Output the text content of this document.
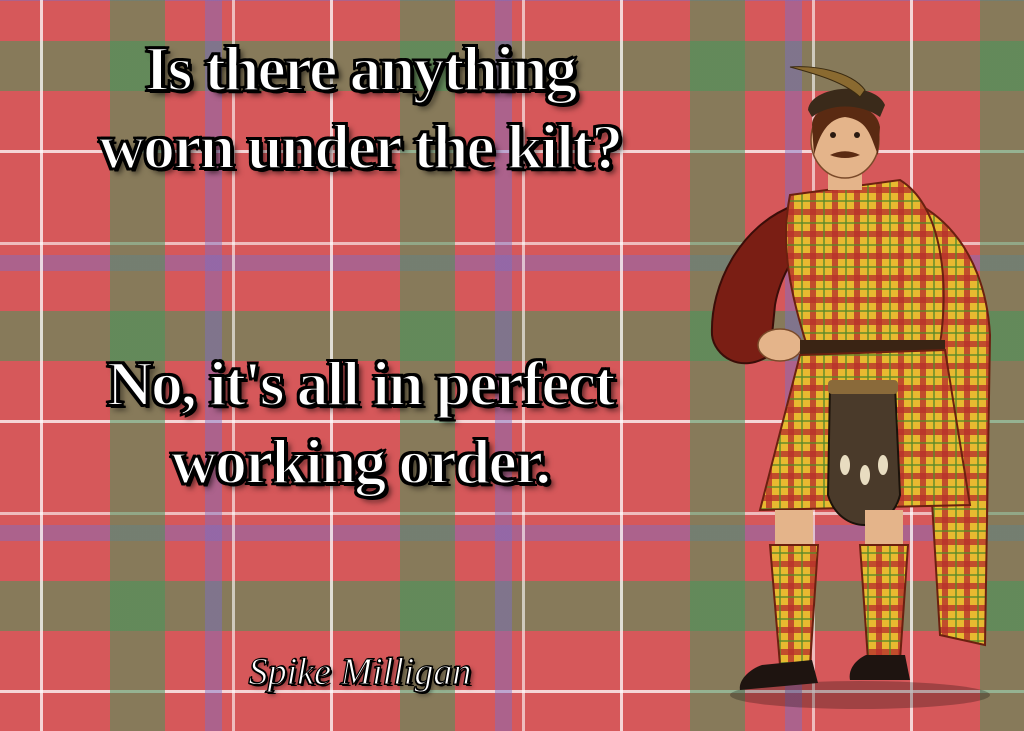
Is there anything
worn under the kilt?
No, it's all in perfect
working order.
Spike Milligan
